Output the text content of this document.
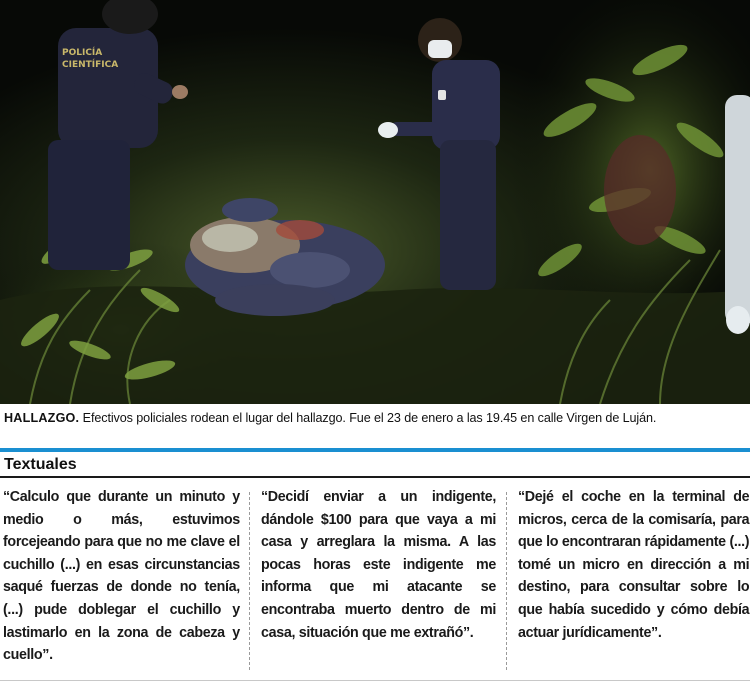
POLICÍA
CIENTÍFICA
HALLAZGO. Efectivos policiales rodean el lugar del hallazgo. Fue el 23 de enero a las 19.45 en calle Virgen de Luján.
Textuales

“Calculo que durante un minuto y medio o más, estuvimos forcejeando para que no me clave el cuchillo (...) en esas circunstancias saqué fuerzas de donde no tenía, (...) pude doblegar el cuchillo y lastimarlo en la zona de cabeza y cuello”.

“Decidí enviar a un indigente, dándole $100 para que vaya a mi casa y arreglara la misma. A las pocas horas este indigente me informa que mi atacante se encontraba muerto dentro de mi casa, situación que me extrañó”.

“Dejé el coche en la terminal de micros, cerca de la comisaría, para que lo encontraran rápidamente (...) tomé un micro en dirección a mi destino, para consultar sobre lo que había sucedido y cómo debía actuar jurídicamente”.
